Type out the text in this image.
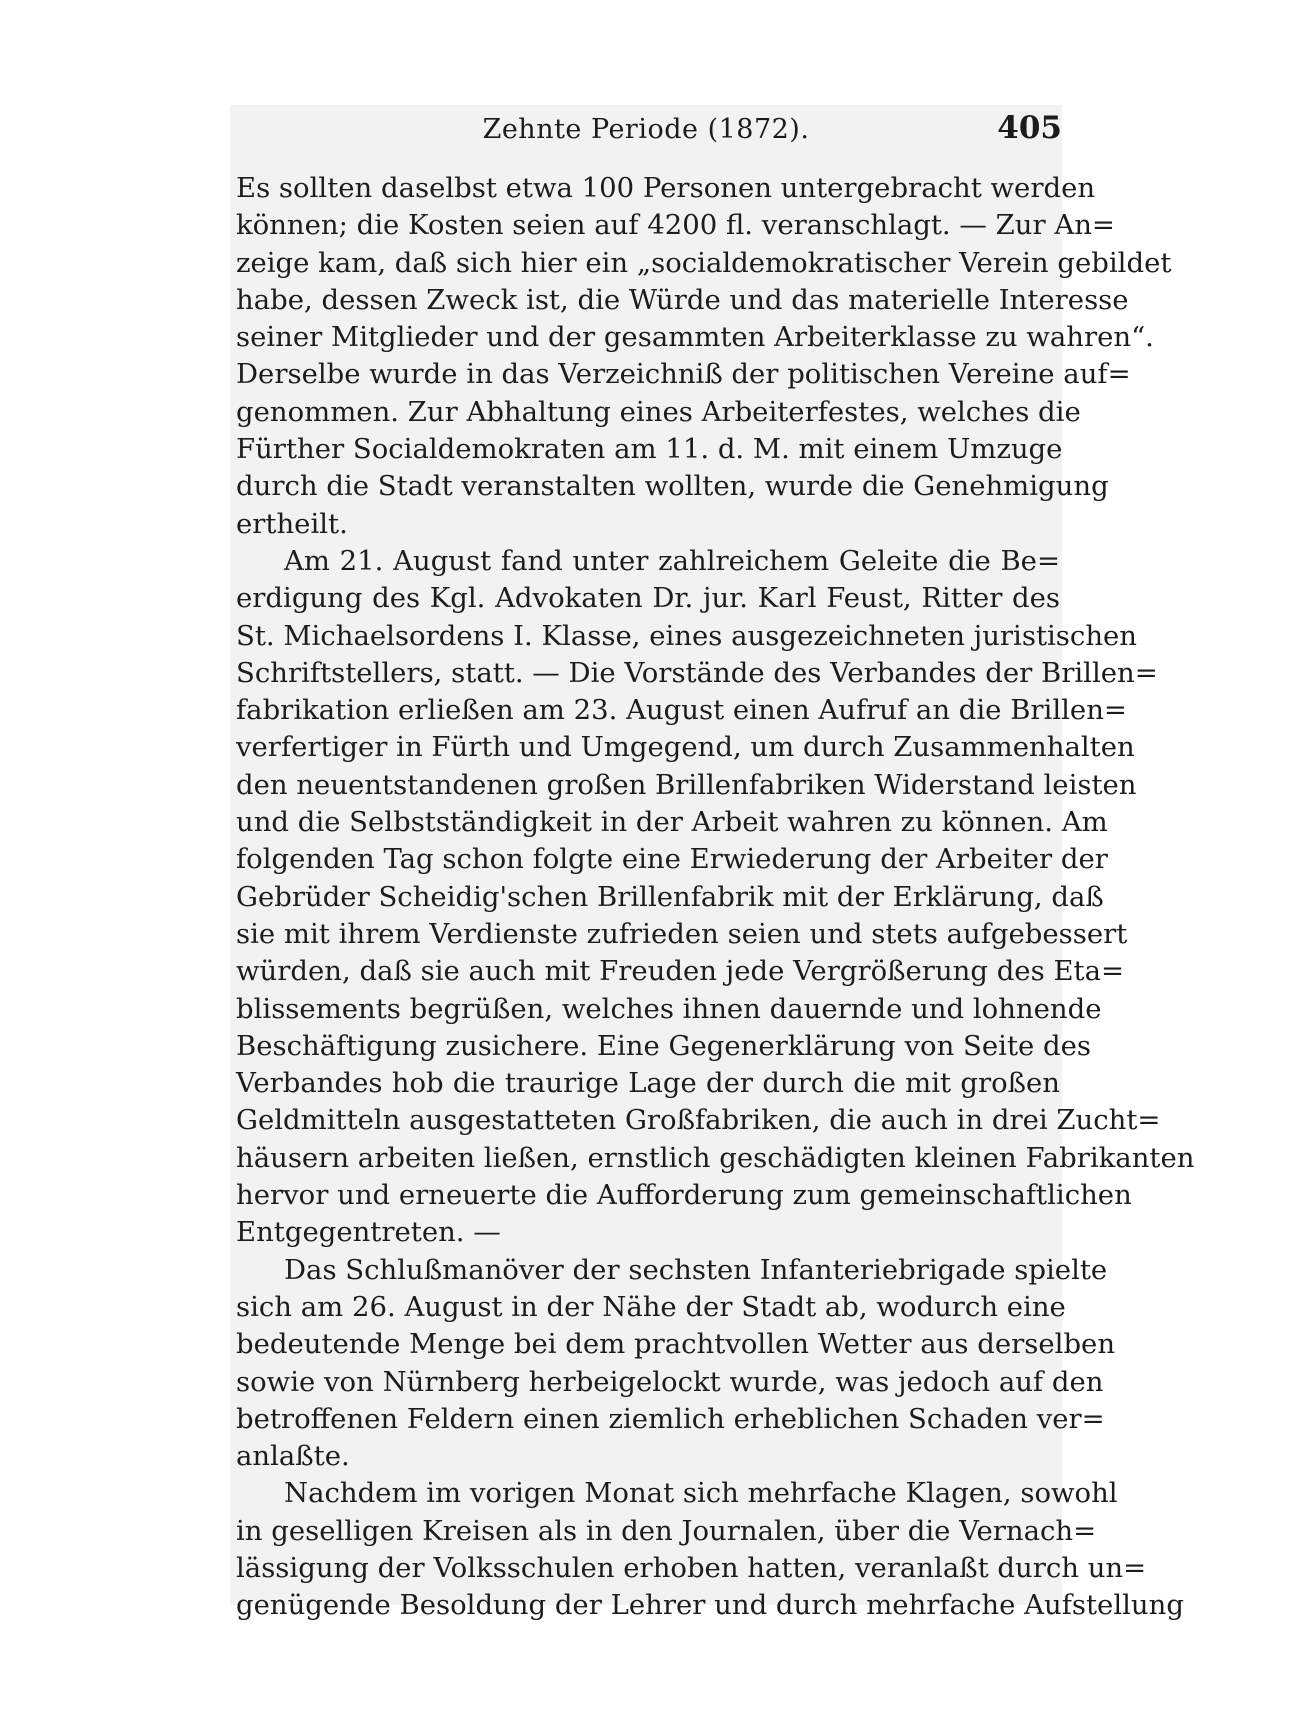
Zehnte Periode (1872).	405
Es sollten daselbst etwa 100 Personen untergebracht werden
können; die Kosten seien auf 4200 fl. veranschlagt. — Zur An=
zeige kam, daß sich hier ein „socialdemokratischer Verein gebildet
habe, dessen Zweck ist, die Würde und das materielle Interesse
seiner Mitglieder und der gesammten Arbeiterklasse zu wahren“.
Derselbe wurde in das Verzeichniß der politischen Vereine auf=
genommen. Zur Abhaltung eines Arbeiterfestes, welches die
Fürther Socialdemokraten am 11. d. M. mit einem Umzuge
durch die Stadt veranstalten wollten, wurde die Genehmigung
ertheilt.
Am 21. August fand unter zahlreichem Geleite die Be=
erdigung des Kgl. Advokaten Dr. jur. Karl Feust, Ritter des
St. Michaelsordens I. Klasse, eines ausgezeichneten juristischen
Schriftstellers, statt. — Die Vorstände des Verbandes der Brillen=
fabrikation erließen am 23. August einen Aufruf an die Brillen=
verfertiger in Fürth und Umgegend, um durch Zusammenhalten
den neuentstandenen großen Brillenfabriken Widerstand leisten
und die Selbstständigkeit in der Arbeit wahren zu können. Am
folgenden Tag schon folgte eine Erwiederung der Arbeiter der
Gebrüder Scheidig'schen Brillenfabrik mit der Erklärung, daß
sie mit ihrem Verdienste zufrieden seien und stets aufgebessert
würden, daß sie auch mit Freuden jede Vergrößerung des Eta=
blissements begrüßen, welches ihnen dauernde und lohnende
Beschäftigung zusichere. Eine Gegenerklärung von Seite des
Verbandes hob die traurige Lage der durch die mit großen
Geldmitteln ausgestatteten Großfabriken, die auch in drei Zucht=
häusern arbeiten ließen, ernstlich geschädigten kleinen Fabrikanten
hervor und erneuerte die Aufforderung zum gemeinschaftlichen
Entgegentreten. —
Das Schlußmanöver der sechsten Infanteriebrigade spielte
sich am 26. August in der Nähe der Stadt ab, wodurch eine
bedeutende Menge bei dem prachtvollen Wetter aus derselben
sowie von Nürnberg herbeigelockt wurde, was jedoch auf den
betroffenen Feldern einen ziemlich erheblichen Schaden ver=
anlaßte.
Nachdem im vorigen Monat sich mehrfache Klagen, sowohl
in geselligen Kreisen als in den Journalen, über die Vernach=
lässigung der Volksschulen erhoben hatten, veranlaßt durch un=
genügende Besoldung der Lehrer und durch mehrfache Aufstellung
